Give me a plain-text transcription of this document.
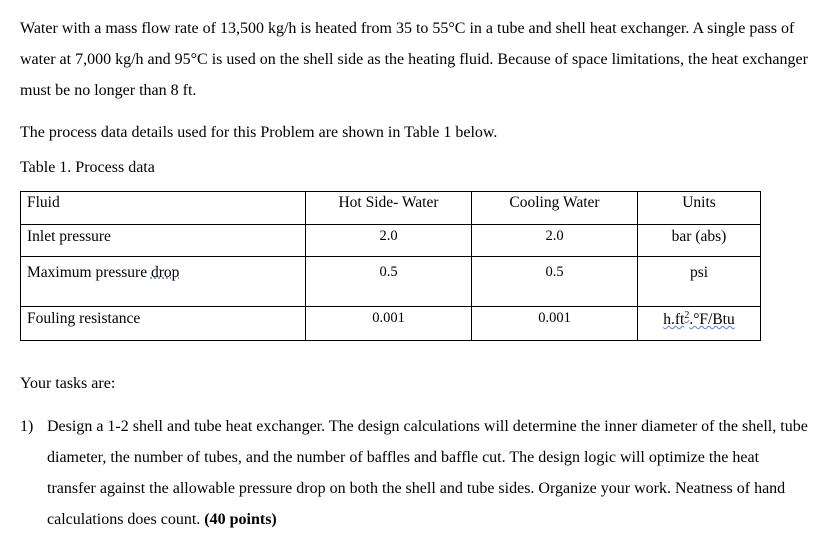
Water with a mass flow rate of 13,500 kg/h is heated from 35 to 55°C in a tube and shell heat exchanger. A single pass of water at 7,000 kg/h and 95°C is used on the shell side as the heating fluid. Because of space limitations, the heat exchanger must be no longer than 8 ft.

The process data details used for this Problem are shown in Table 1 below.

Table 1. Process data

Fluid	Hot Side- Water	Cooling Water	Units
Inlet pressure	2.0	2.0	bar (abs)
Maximum pressure drop	0.5	0.5	psi
Fouling resistance	0.001	0.001	$h.ft^2.^\circ F$/Btu

Your tasks are:

1) Design a 1-2 shell and tube heat exchanger. The design calculations will determine the inner diameter of the shell, tube diameter, the number of tubes, and the number of baffles and baffle cut. The design logic will optimize the heat transfer against the allowable pressure drop on both the shell and tube sides. Organize your work. Neatness of hand calculations does count. (40 points)
